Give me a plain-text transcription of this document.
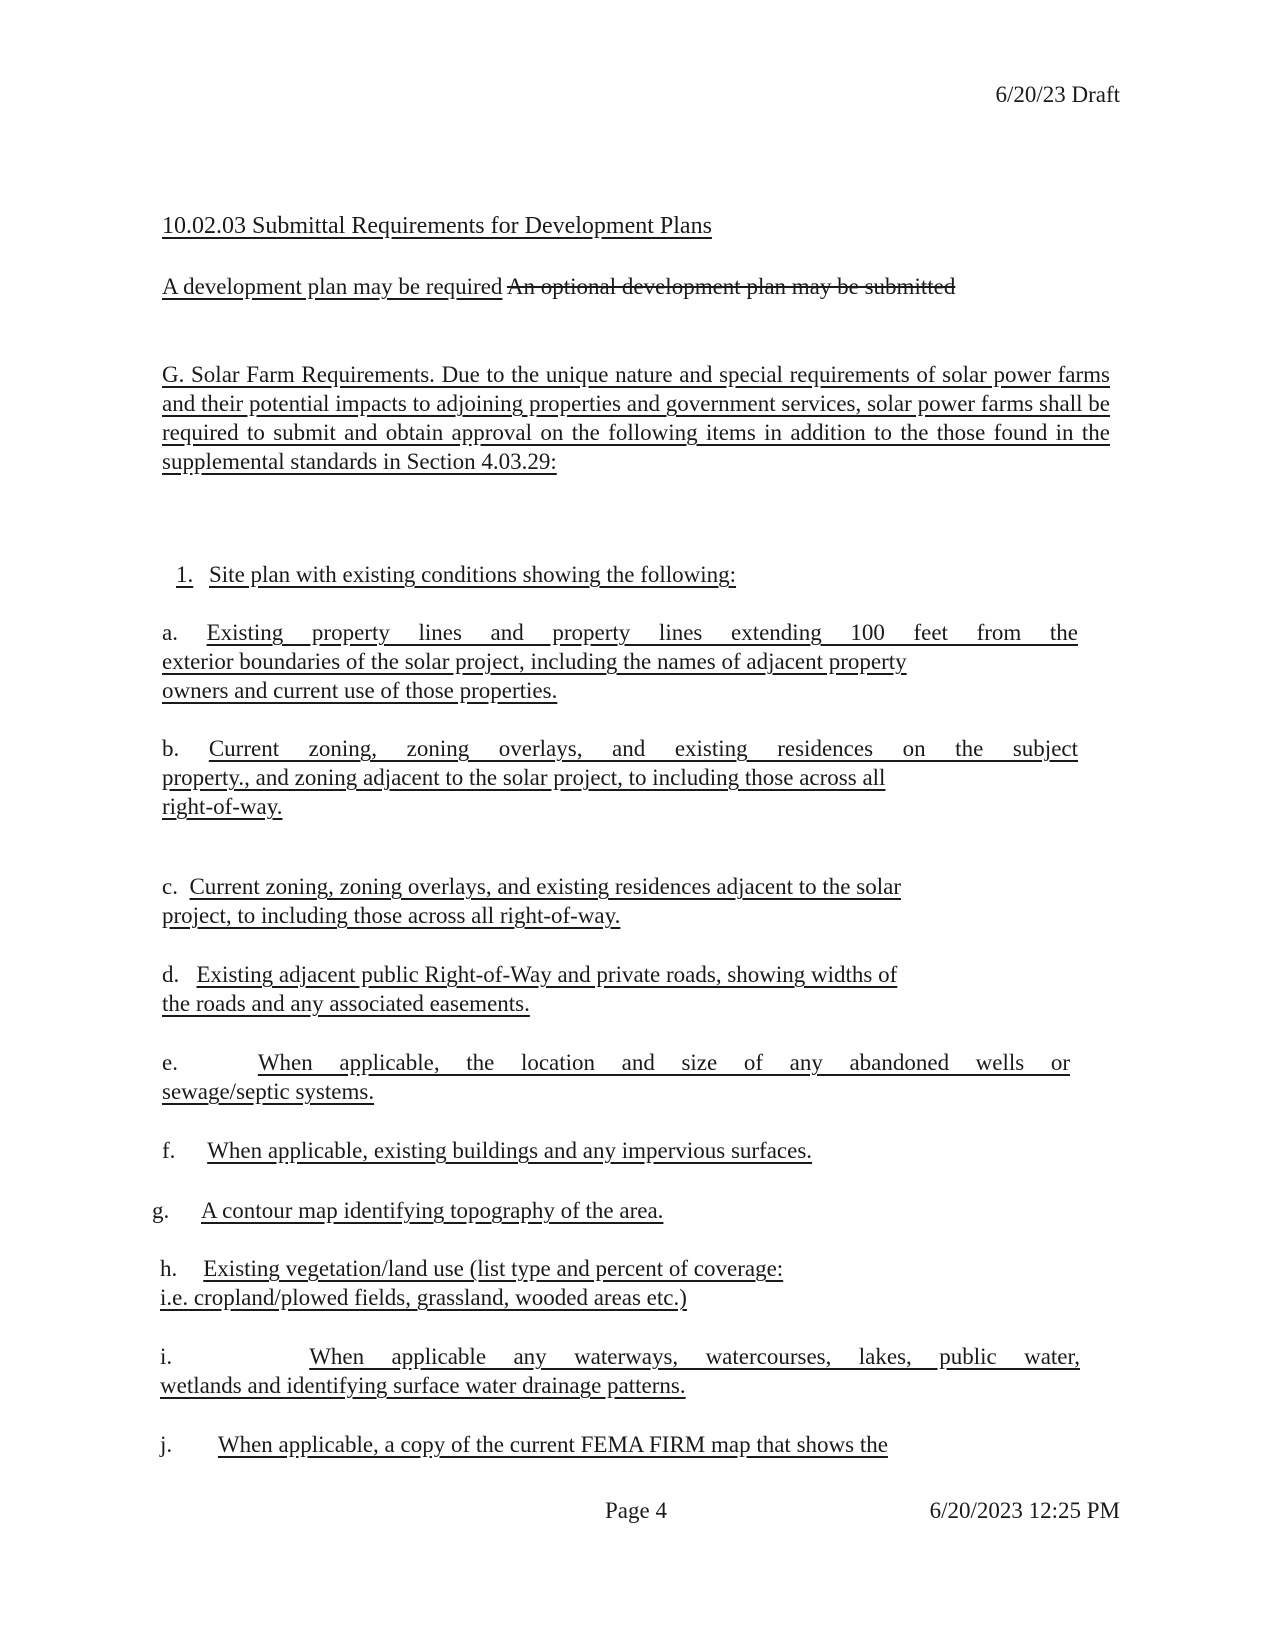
6/20/23 Draft
10.02.03 Submittal Requirements for Development Plans
A development plan may be required An optional development plan may be submitted
G. Solar Farm Requirements. Due to the unique nature and special requirements of solar power farms and their potential impacts to adjoining properties and government services, solar power farms shall be required to submit and obtain approval on the following items in addition to the those found in the supplemental standards in Section 4.03.29:
1. Site plan with existing conditions showing the following:
a. Existing property lines and property lines extending 100 feet from the
exterior boundaries of the solar project, including the names of adjacent property
owners and current use of those properties.
b. Current zoning, zoning overlays, and existing residences on the subject
property., and zoning adjacent to the solar project, to including those across all
right-of-way.
c. Current zoning, zoning overlays, and existing residences adjacent to the solar
project, to including those across all right-of-way.
d. Existing adjacent public Right-of-Way and private roads, showing widths of
the roads and any associated easements.
e.	When applicable, the location and size of any abandoned wells or
sewage/septic systems.
f. When applicable, existing buildings and any impervious surfaces.
g. A contour map identifying topography of the area.
h. Existing vegetation/land use (list type and percent of coverage:
i.e. cropland/plowed fields, grassland, wooded areas etc.)
i.	When applicable any waterways, watercourses, lakes, public water,
wetlands and identifying surface water drainage patterns.
j. When applicable, a copy of the current FEMA FIRM map that shows the
Page 4	6/20/2023 12:25 PM
